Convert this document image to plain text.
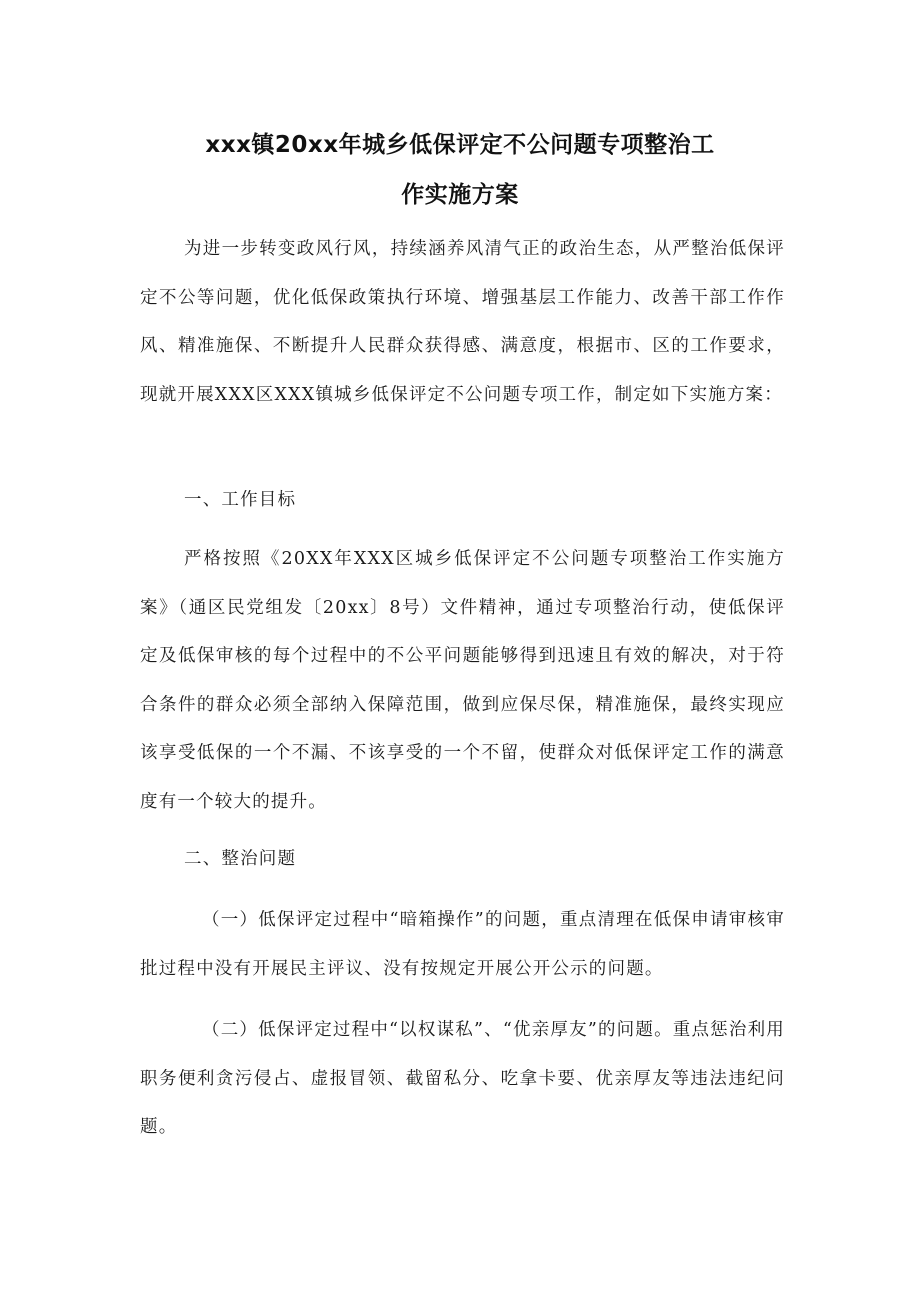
xxx镇20xx年城乡低保评定不公问题专项整治工
作实施方案

为进一步转变政风行风，持续涵养风清气正的政治生态，从严整治低保评定不公等问题，优化低保政策执行环境、增强基层工作能力、改善干部工作作风、精准施保、不断提升人民群众获得感、满意度，根据市、区的工作要求，现就开展XXX区XXX镇城乡低保评定不公问题专项工作，制定如下实施方案：

一、工作目标

严格按照《20XX年XXX区城乡低保评定不公问题专项整治工作实施方案》（通区民党组发〔20xx〕8号）文件精神，通过专项整治行动，使低保评定及低保审核的每个过程中的不公平问题能够得到迅速且有效的解决，对于符合条件的群众必须全部纳入保障范围，做到应保尽保，精准施保，最终实现应该享受低保的一个不漏、不该享受的一个不留，使群众对低保评定工作的满意度有一个较大的提升。

二、整治问题

（一）低保评定过程中“暗箱操作”的问题，重点清理在低保申请审核审批过程中没有开展民主评议、没有按规定开展公开公示的问题。

（二）低保评定过程中“以权谋私”、“优亲厚友”的问题。重点惩治利用职务便利贪污侵占、虚报冒领、截留私分、吃拿卡要、优亲厚友等违法违纪问题。
